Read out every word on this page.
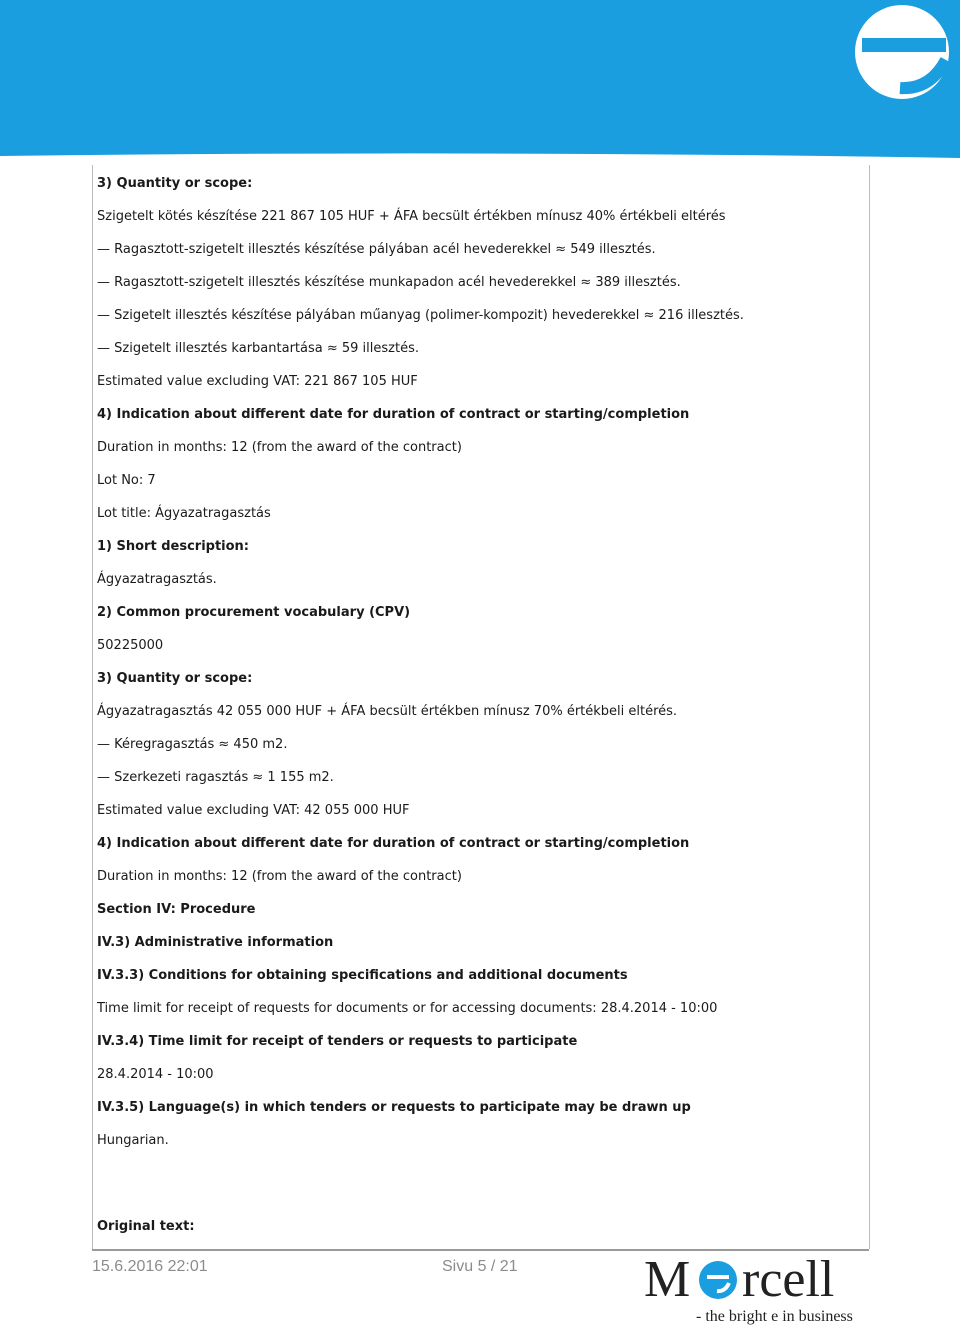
3) Quantity or scope:

Szigetelt kötés készítése 221 867 105 HUF + ÁFA becsült értékben mínusz 40% értékbeli eltérés

— Ragasztott-szigetelt illesztés készítése pályában acél hevederekkel ≈ 549 illesztés.

— Ragasztott-szigetelt illesztés készítése munkapadon acél hevederekkel ≈ 389 illesztés.

— Szigetelt illesztés készítése pályában műanyag (polimer-kompozit) hevederekkel ≈ 216 illesztés.

— Szigetelt illesztés karbantartása ≈ 59 illesztés.

Estimated value excluding VAT: 221 867 105 HUF

4) Indication about different date for duration of contract or starting/completion

Duration in months: 12 (from the award of the contract)

Lot No: 7

Lot title: Ágyazatragasztás

1) Short description:

Ágyazatragasztás.

2) Common procurement vocabulary (CPV)

50225000

3) Quantity or scope:

Ágyazatragasztás 42 055 000 HUF + ÁFA becsült értékben mínusz 70% értékbeli eltérés.

— Kéregragasztás ≈ 450 m2.

— Szerkezeti ragasztás ≈ 1 155 m2.

Estimated value excluding VAT: 42 055 000 HUF

4) Indication about different date for duration of contract or starting/completion

Duration in months: 12 (from the award of the contract)

Section IV: Procedure

IV.3) Administrative information

IV.3.3) Conditions for obtaining specifications and additional documents

Time limit for receipt of requests for documents or for accessing documents: 28.4.2014 - 10:00

IV.3.4) Time limit for receipt of tenders or requests to participate

28.4.2014 - 10:00

IV.3.5) Language(s) in which tenders or requests to participate may be drawn up

Hungarian.

Original text:

15.6.2016 22:01	Sivu 5 / 21 M rcell
- the bright e in business
